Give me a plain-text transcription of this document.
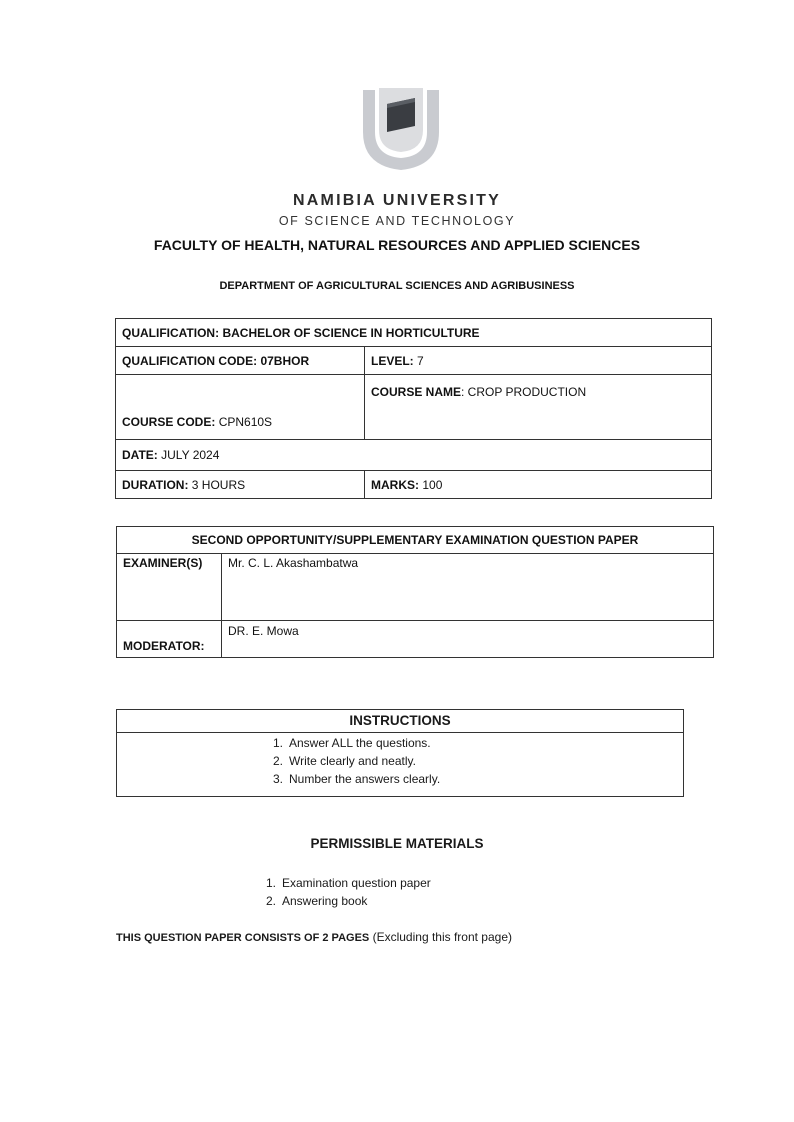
NAMIBIA UNIVERSITY
OF SCIENCE AND TECHNOLOGY
FACULTY OF HEALTH, NATURAL RESOURCES AND APPLIED SCIENCES
DEPARTMENT OF AGRICULTURAL SCIENCES AND AGRIBUSINESS
QUALIFICATION: BACHELOR OF SCIENCE IN HORTICULTURE	
QUALIFICATION CODE: 07BHOR	LEVEL: 7
COURSE CODE: CPN610S	COURSE NAME: CROP PRODUCTION
DATE: JULY 2024	
DURATION: 3 HOURS	MARKS: 100
SECOND OPPORTUNITY/SUPPLEMENTARY EXAMINATION QUESTION PAPER	
EXAMINER(S)	Mr. C. L. Akashambatwa
MODERATOR:	DR. E. Mowa
INSTRUCTIONS
1. Answer ALL the questions.
2. Write clearly and neatly.
3. Number the answers clearly.
PERMISSIBLE MATERIALS
1. Examination question paper
2. Answering book
THIS QUESTION PAPER CONSISTS OF 2 PAGES (Excluding this front page)
